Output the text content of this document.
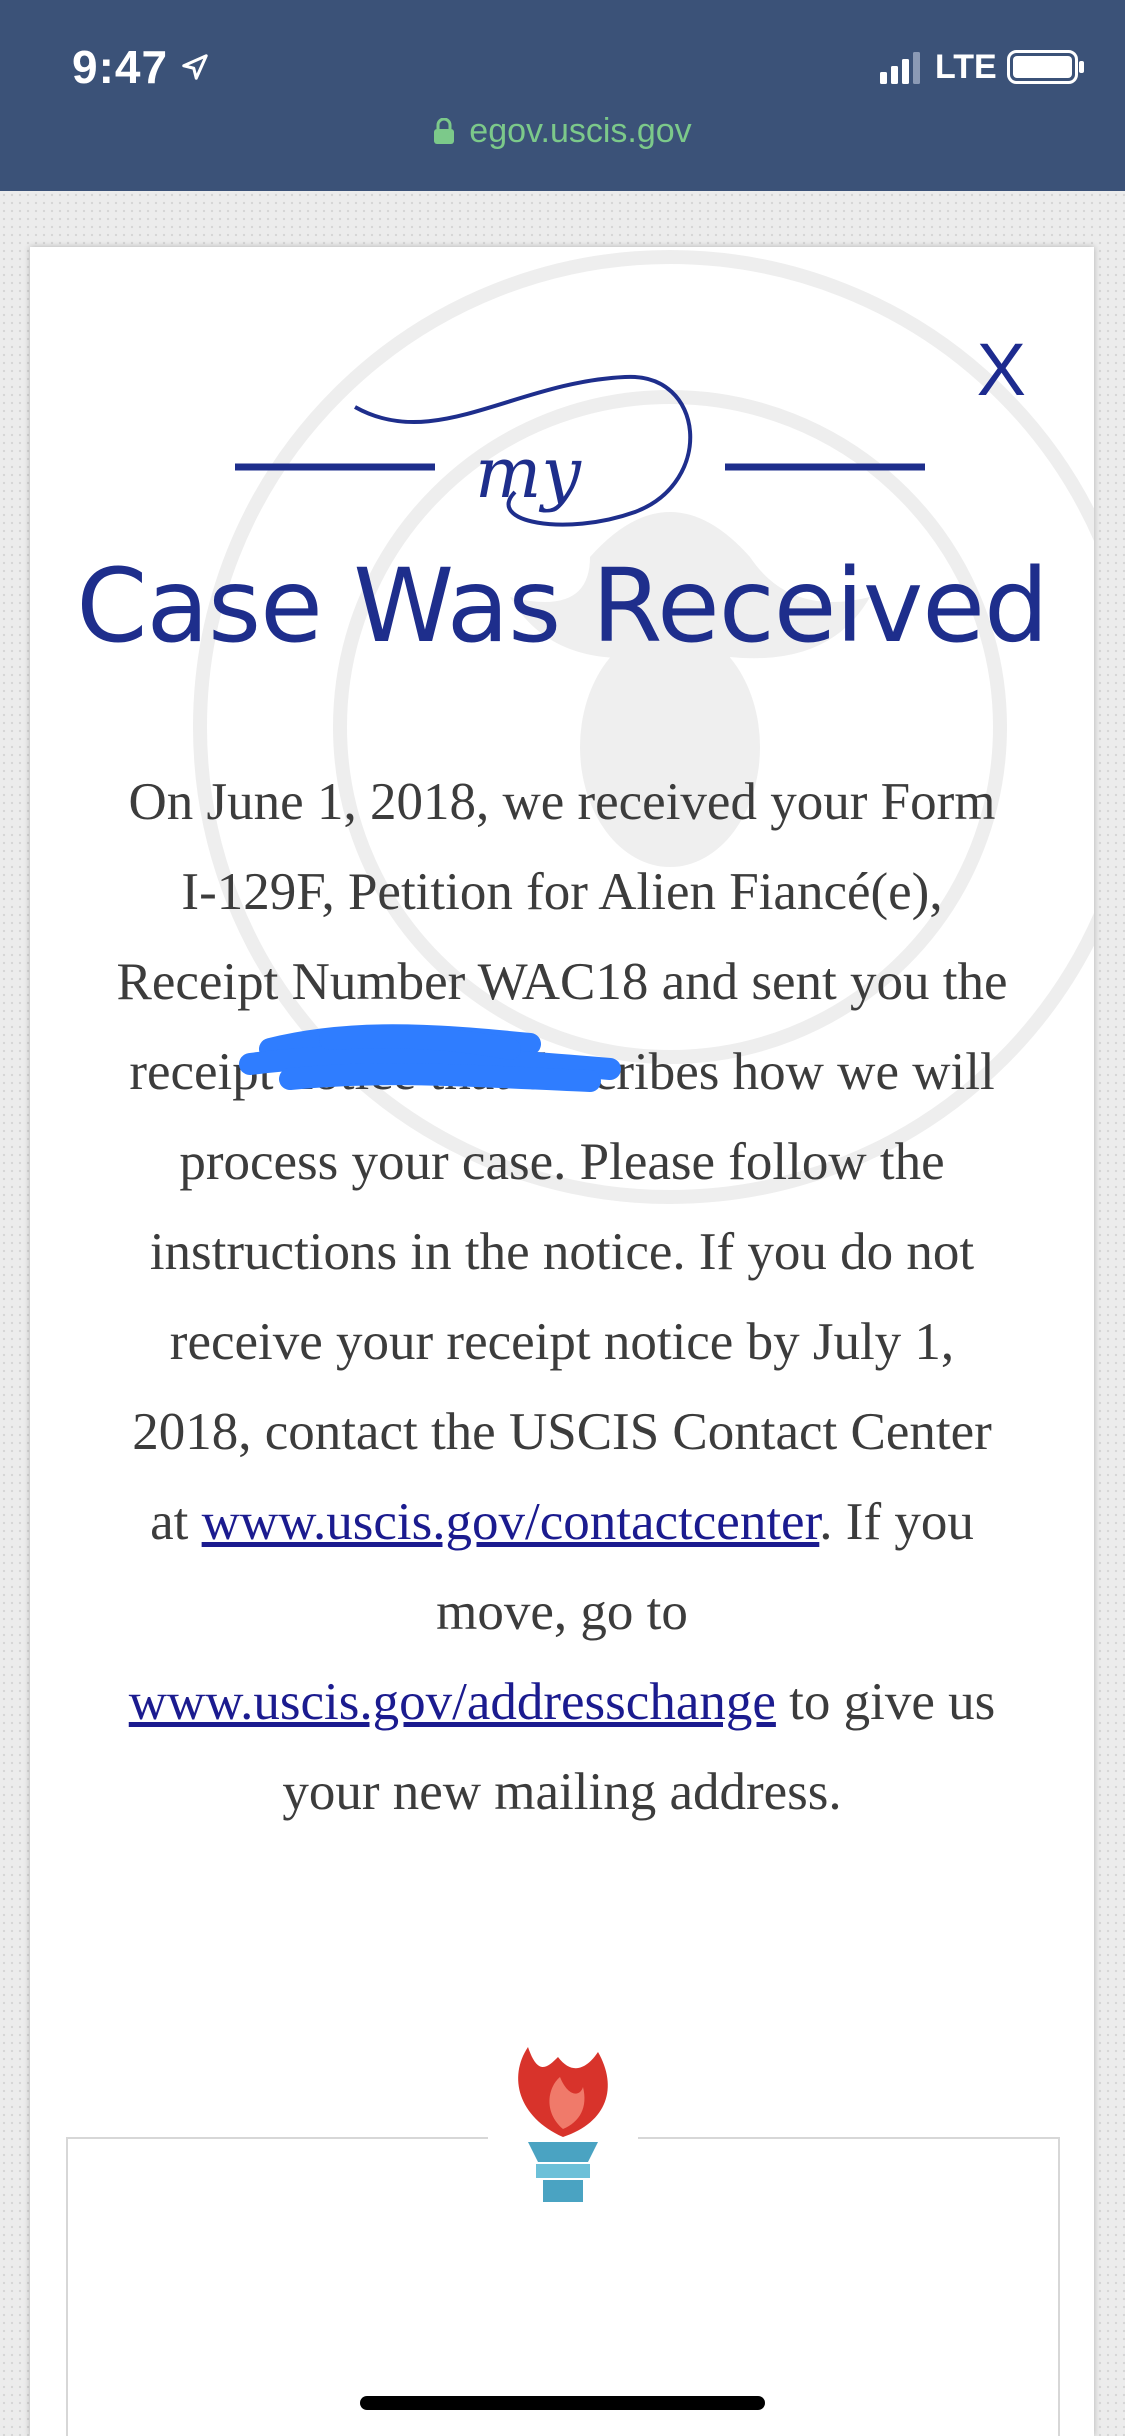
9:47	LTE
egov.uscis.gov
X
my
Case Was Received
On June 1, 2018, we received your Form I-129F, Petition for Alien Fiancé(e), Receipt Number WAC18 and sent you the receipt notice that describes how we will process your case. Please follow the instructions in the notice. If you do not receive your receipt notice by July 1, 2018, contact the USCIS Contact Center at www.uscis.gov/contactcenter. If you move, go to www.uscis.gov/addresschange to give us your new mailing address.
